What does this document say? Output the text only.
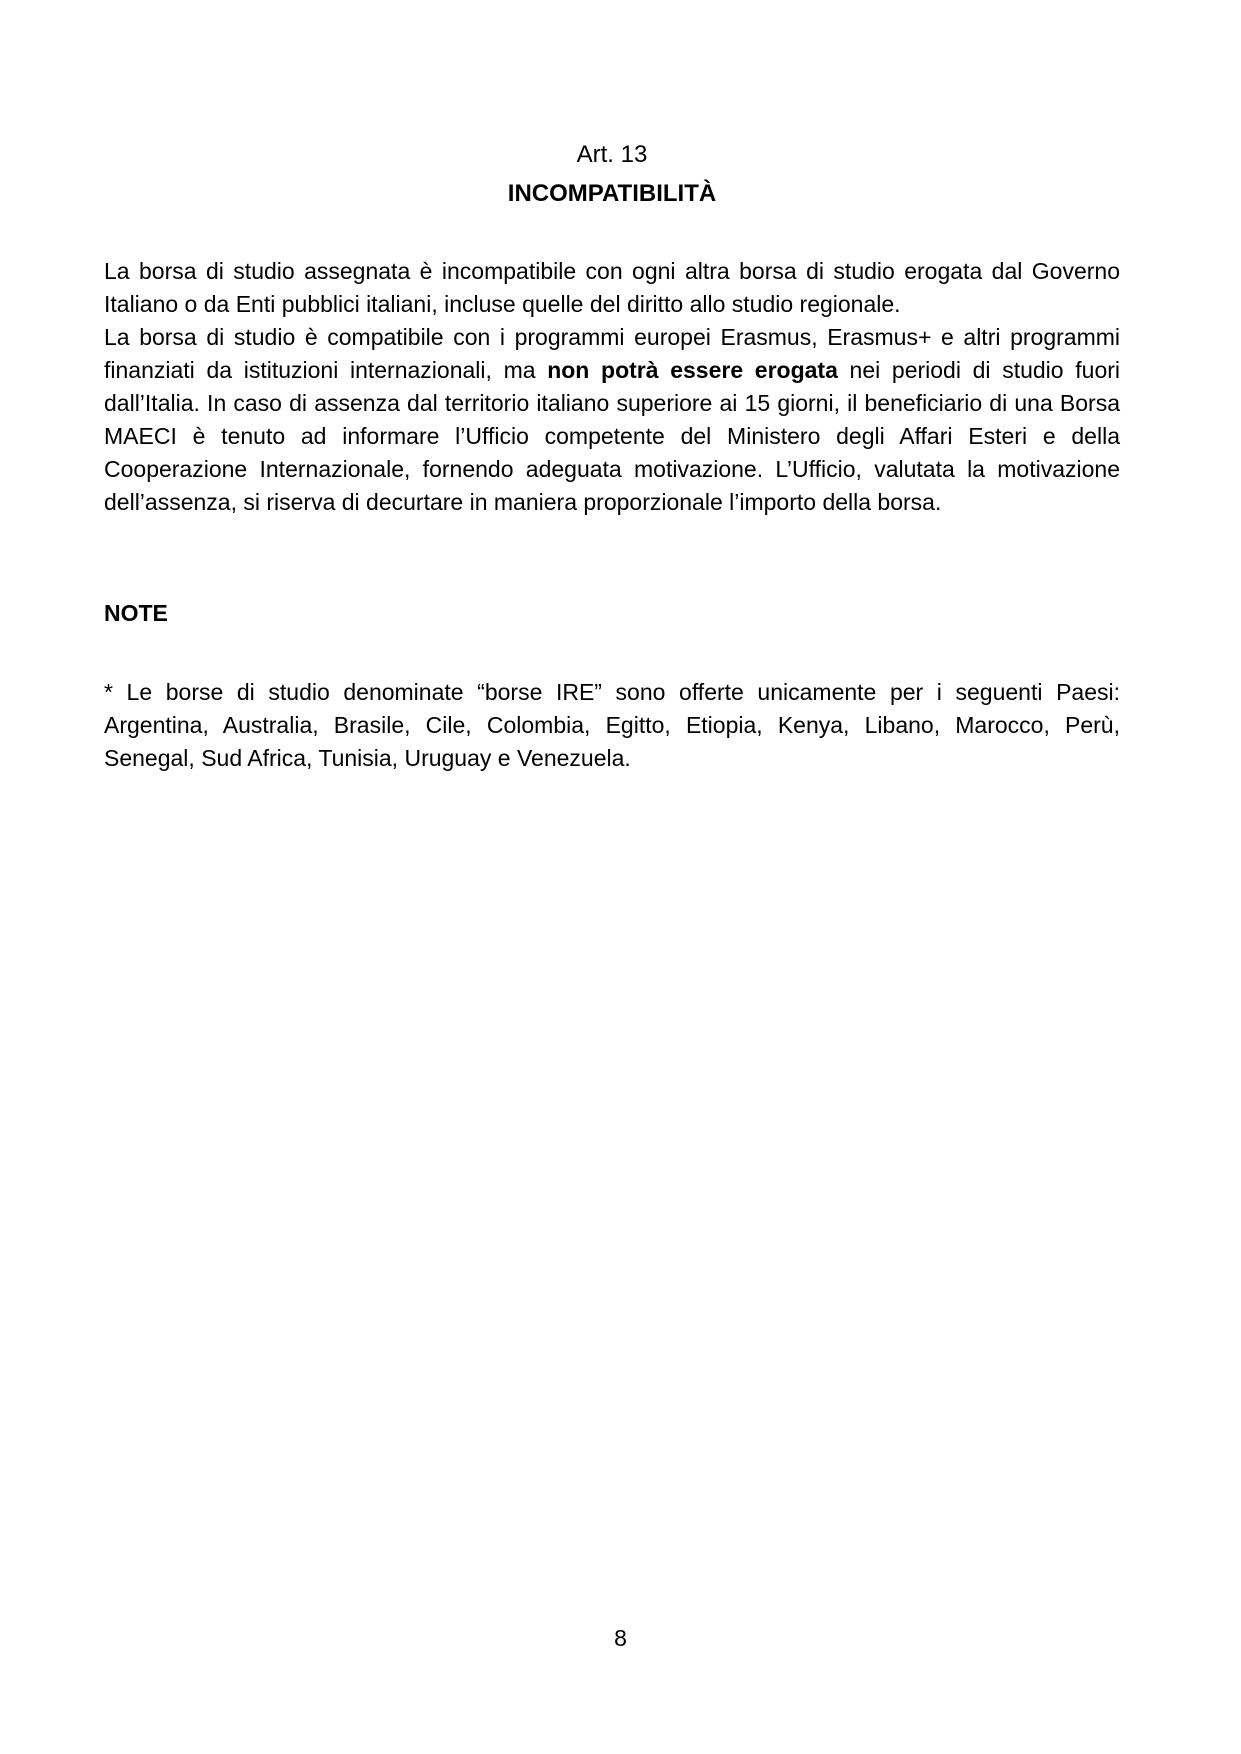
Art. 13
INCOMPATIBILITÀ

La borsa di studio assegnata è incompatibile con ogni altra borsa di studio erogata dal Governo Italiano o da Enti pubblici italiani, incluse quelle del diritto allo studio regionale.

La borsa di studio è compatibile con i programmi europei Erasmus, Erasmus+ e altri programmi finanziati da istituzioni internazionali, ma non potrà essere erogata nei periodi di studio fuori dall’Italia. In caso di assenza dal territorio italiano superiore ai 15 giorni, il beneficiario di una Borsa MAECI è tenuto ad informare l’Ufficio competente del Ministero degli Affari Esteri e della Cooperazione Internazionale, fornendo adeguata motivazione. L’Ufficio, valutata la motivazione dell’assenza, si riserva di decurtare in maniera proporzionale l’importo della borsa.

NOTE

* Le borse di studio denominate “borse IRE” sono offerte unicamente per i seguenti Paesi: Argentina, Australia, Brasile, Cile, Colombia, Egitto, Etiopia, Kenya, Libano, Marocco, Perù, Senegal, Sud Africa, Tunisia, Uruguay e Venezuela.

8
